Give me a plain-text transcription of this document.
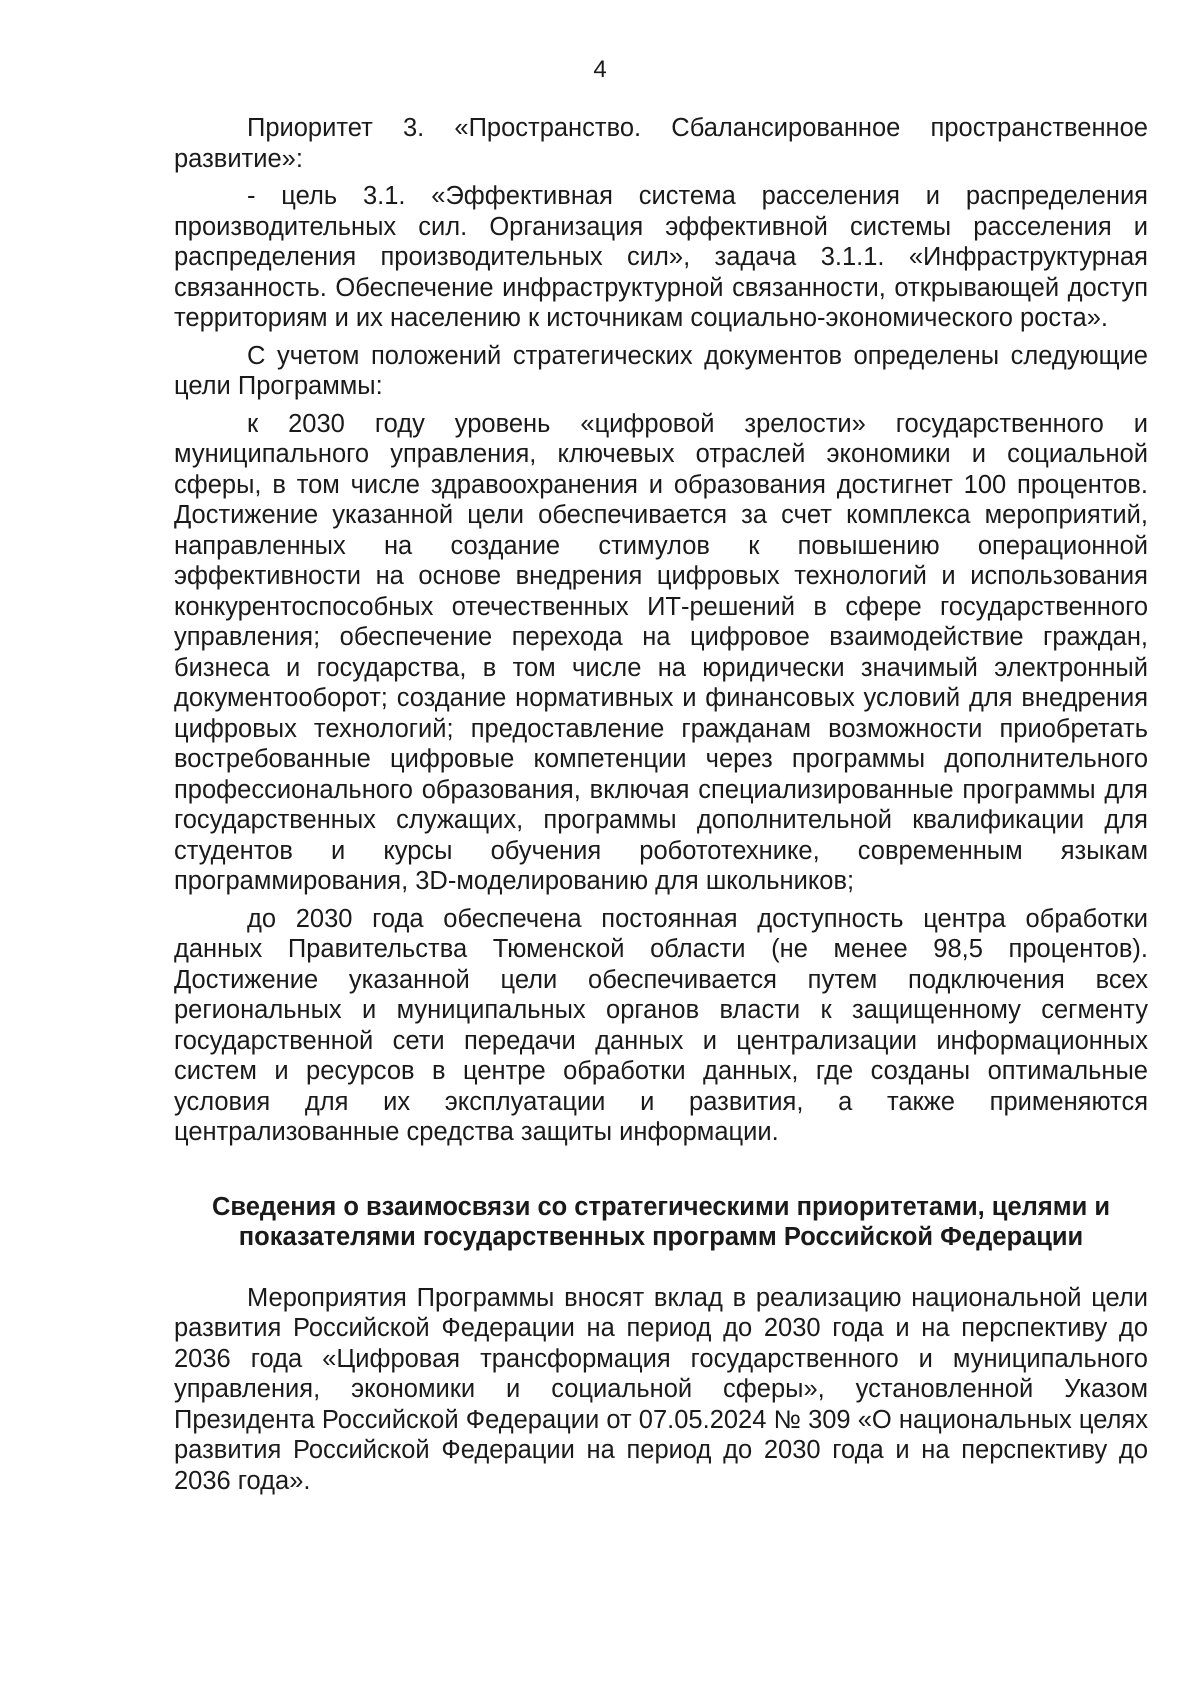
4

Приоритет 3. «Пространство. Сбалансированное пространственное развитие»:

- цель 3.1. «Эффективная система расселения и распределения производительных сил. Организация эффективной системы расселения и распределения производительных сил», задача 3.1.1. «Инфраструктурная связанность. Обеспечение инфраструктурной связанности, открывающей доступ территориям и их населению к источникам социально-экономического роста».

С учетом положений стратегических документов определены следующие цели Программы:

к 2030 году уровень «цифровой зрелости» государственного и муниципального управления, ключевых отраслей экономики и социальной сферы, в том числе здравоохранения и образования достигнет 100 процентов. Достижение указанной цели обеспечивается за счет комплекса мероприятий, направленных на создание стимулов к повышению операционной эффективности на основе внедрения цифровых технологий и использования конкурентоспособных отечественных ИТ-решений в сфере государственного управления; обеспечение перехода на цифровое взаимодействие граждан, бизнеса и государства, в том числе на юридически значимый электронный документооборот; создание нормативных и финансовых условий для внедрения цифровых технологий; предоставление гражданам возможности приобретать востребованные цифровые компетенции через программы дополнительного профессионального образования, включая специализированные программы для государственных служащих, программы дополнительной квалификации для студентов и курсы обучения робототехнике, современным языкам программирования, 3D-моделированию для школьников;

до 2030 года обеспечена постоянная доступность центра обработки данных Правительства Тюменской области (не менее 98,5 процентов). Достижение указанной цели обеспечивается путем подключения всех региональных и муниципальных органов власти к защищенному сегменту государственной сети передачи данных и централизации информационных систем и ресурсов в центре обработки данных, где созданы оптимальные условия для их эксплуатации и развития, а также применяются централизованные средства защиты информации.

Сведения о взаимосвязи со стратегическими приоритетами, целями и
показателями государственных программ Российской Федерации

Мероприятия Программы вносят вклад в реализацию национальной цели развития Российской Федерации на период до 2030 года и на перспективу до 2036 года «Цифровая трансформация государственного и муниципального управления, экономики и социальной сферы», установленной Указом Президента Российской Федерации от 07.05.2024 № 309 «О национальных целях развития Российской Федерации на период до 2030 года и на перспективу до 2036 года».
